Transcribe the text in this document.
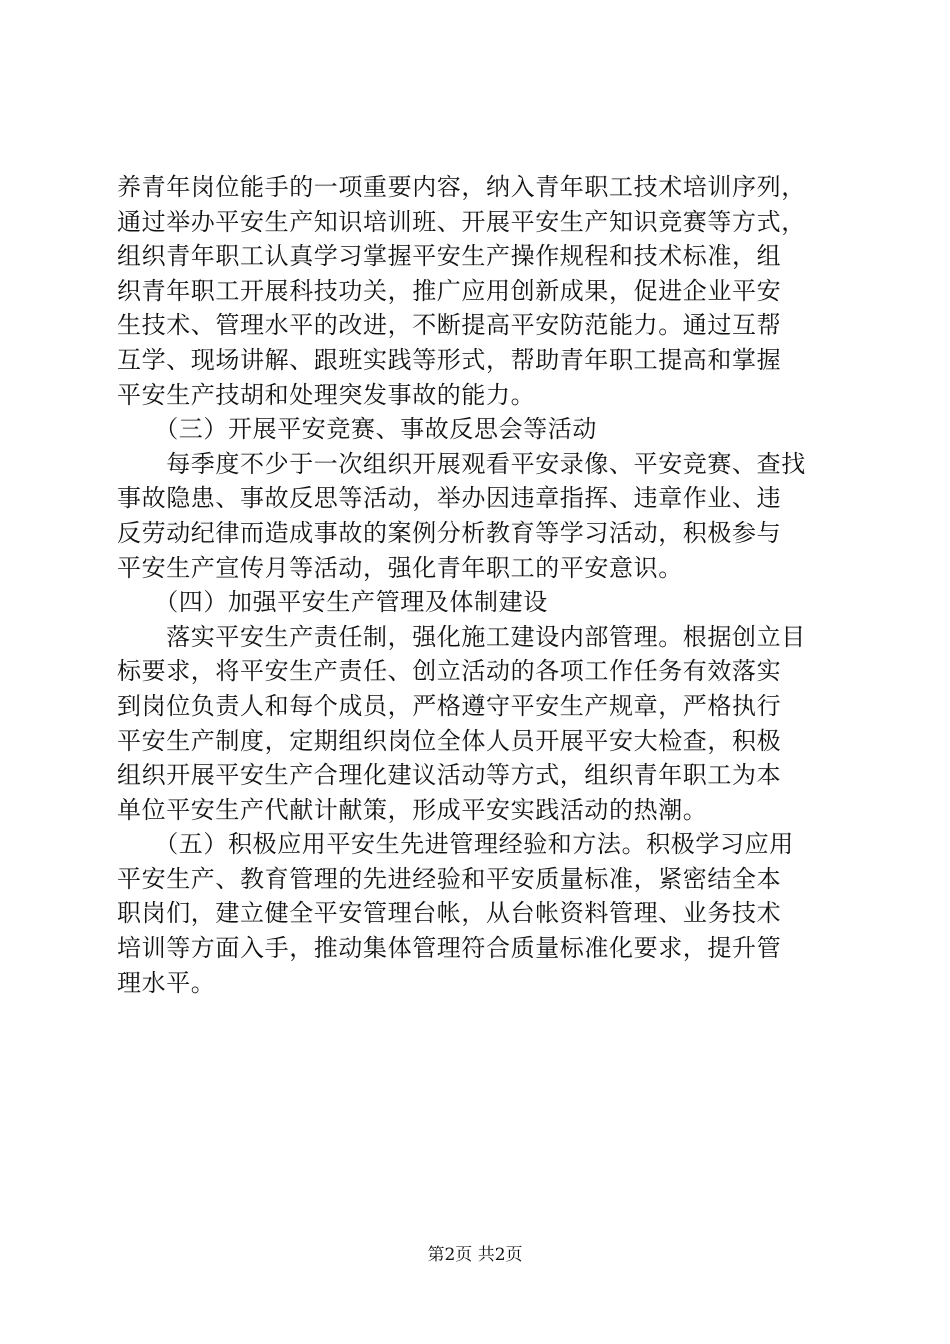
养青年岗位能手的一项重要内容，纳入青年职工技术培训序列，
通过举办平安生产知识培训班、开展平安生产知识竞赛等方式，
组织青年职工认真学习掌握平安生产操作规程和技术标准，组
织青年职工开展科技功关，推广应用创新成果，促进企业平安
生技术、管理水平的改进，不断提高平安防范能力。通过互帮
互学、现场讲解、跟班实践等形式，帮助青年职工提高和掌握
平安生产技胡和处理突发事故的能力。
　　（三）开展平安竞赛、事故反思会等活动
　　每季度不少于一次组织开展观看平安录像、平安竞赛、查找
事故隐患、事故反思等活动，举办因违章指挥、违章作业、违
反劳动纪律而造成事故的案例分析教育等学习活动，积极参与
平安生产宣传月等活动，强化青年职工的平安意识。
　　（四）加强平安生产管理及体制建设
　　落实平安生产责任制，强化施工建设内部管理。根据创立目
标要求，将平安生产责任、创立活动的各项工作任务有效落实
到岗位负责人和每个成员，严格遵守平安生产规章，严格执行
平安生产制度，定期组织岗位全体人员开展平安大检查，积极
组织开展平安生产合理化建议活动等方式，组织青年职工为本
单位平安生产代献计献策，形成平安实践活动的热潮。
　　（五）积极应用平安生先进管理经验和方法。积极学习应用
平安生产、教育管理的先进经验和平安质量标准，紧密结全本
职岗们，建立健全平安管理台帐，从台帐资料管理、业务技术
培训等方面入手，推动集体管理符合质量标准化要求，提升管
理水平。
第2页 共2页
